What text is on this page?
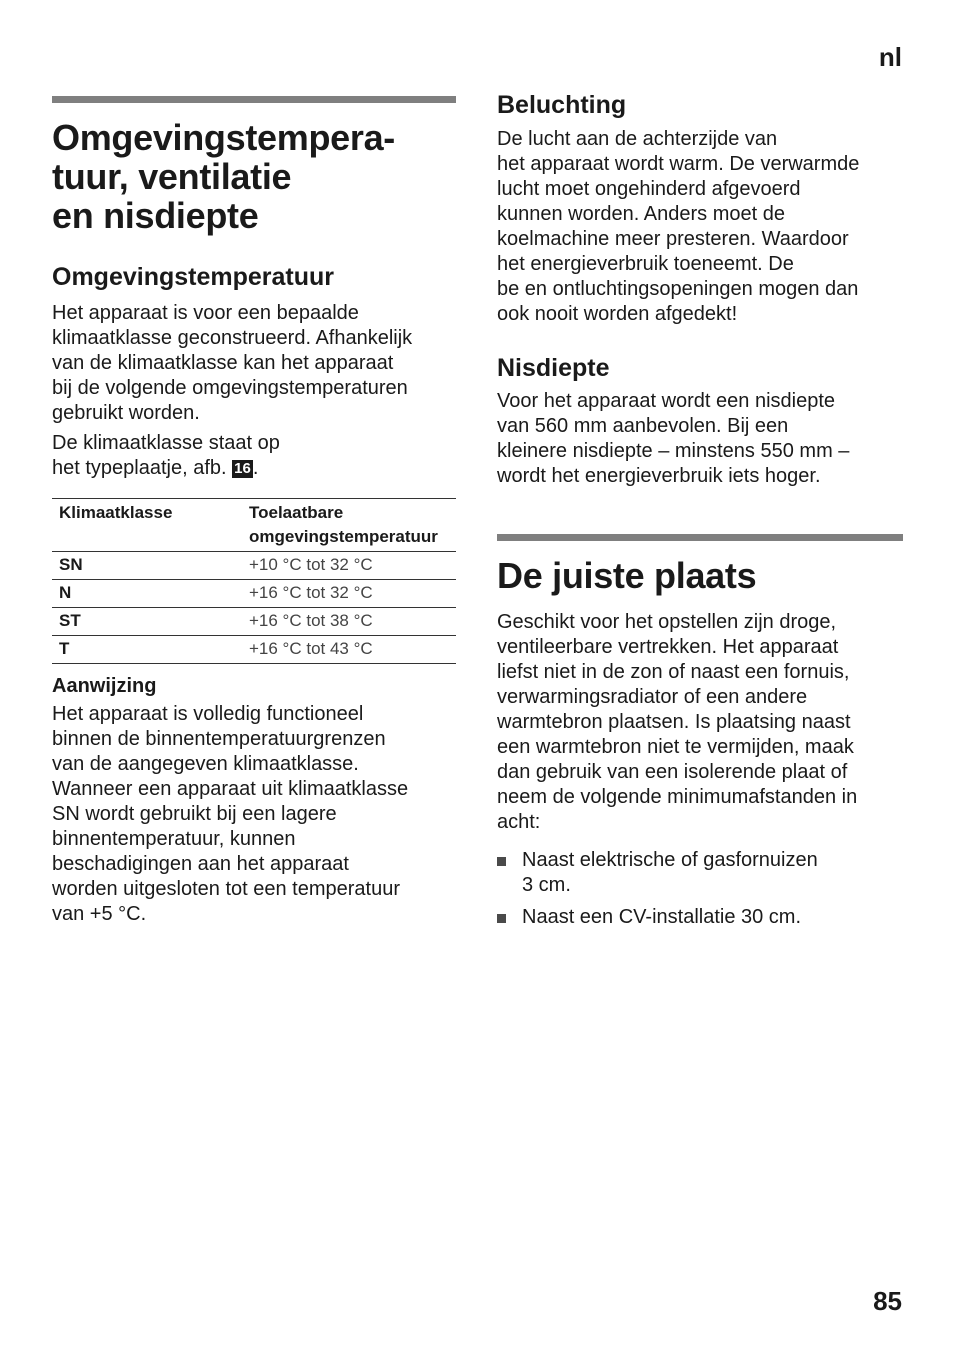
nl
Omgevingstempera-
tuur, ventilatie
en nisdiepte
Omgevingstemperatuur

Het apparaat is voor een bepaalde
klimaatklasse geconstrueerd. Afhankelijk
van de klimaatklasse kan het apparaat
bij de volgende omgevingstemperaturen
gebruikt worden.

De klimaatklasse staat op
het typeplaatje, afb. 16 .

Klimaatklasse	Toelaatbare
omgevingstemperatuur
SN	+10 °C tot 32 °C
N	+16 °C tot 32 °C
ST	+16 °C tot 38 °C
T	+16 °C tot 43 °C
Aanwijzing

Het apparaat is volledig functioneel
binnen de binnentemperatuurgrenzen
van de aangegeven klimaatklasse.
Wanneer een apparaat uit klimaatklasse
SN wordt gebruikt bij een lagere
binnentemperatuur, kunnen
beschadigingen aan het apparaat
worden uitgesloten tot een temperatuur
van +5 °C.

Beluchting

De lucht aan de achterzijde van
het apparaat wordt warm. De verwarmde
lucht moet ongehinderd afgevoerd
kunnen worden. Anders moet de
koelmachine meer presteren. Waardoor
het energieverbruik toeneemt. De
be en ontluchtingsopeningen mogen dan
ook nooit worden afgedekt!

Nisdiepte

Voor het apparaat wordt een nisdiepte
van 560 mm aanbevolen. Bij een
kleinere nisdiepte – minstens 550 mm –
wordt het energieverbruik iets hoger.

De juiste plaats

Geschikt voor het opstellen zijn droge,
ventileerbare vertrekken. Het apparaat
liefst niet in de zon of naast een fornuis,
verwarmingsradiator of een andere
warmtebron plaatsen. Is plaatsing naast
een warmtebron niet te vermijden, maak
dan gebruik van een isolerende plaat of
neem de volgende minimumafstanden in
acht:

Naast elektrische of gasfornuizen
3 cm.
Naast een CV-installatie 30 cm.
85
